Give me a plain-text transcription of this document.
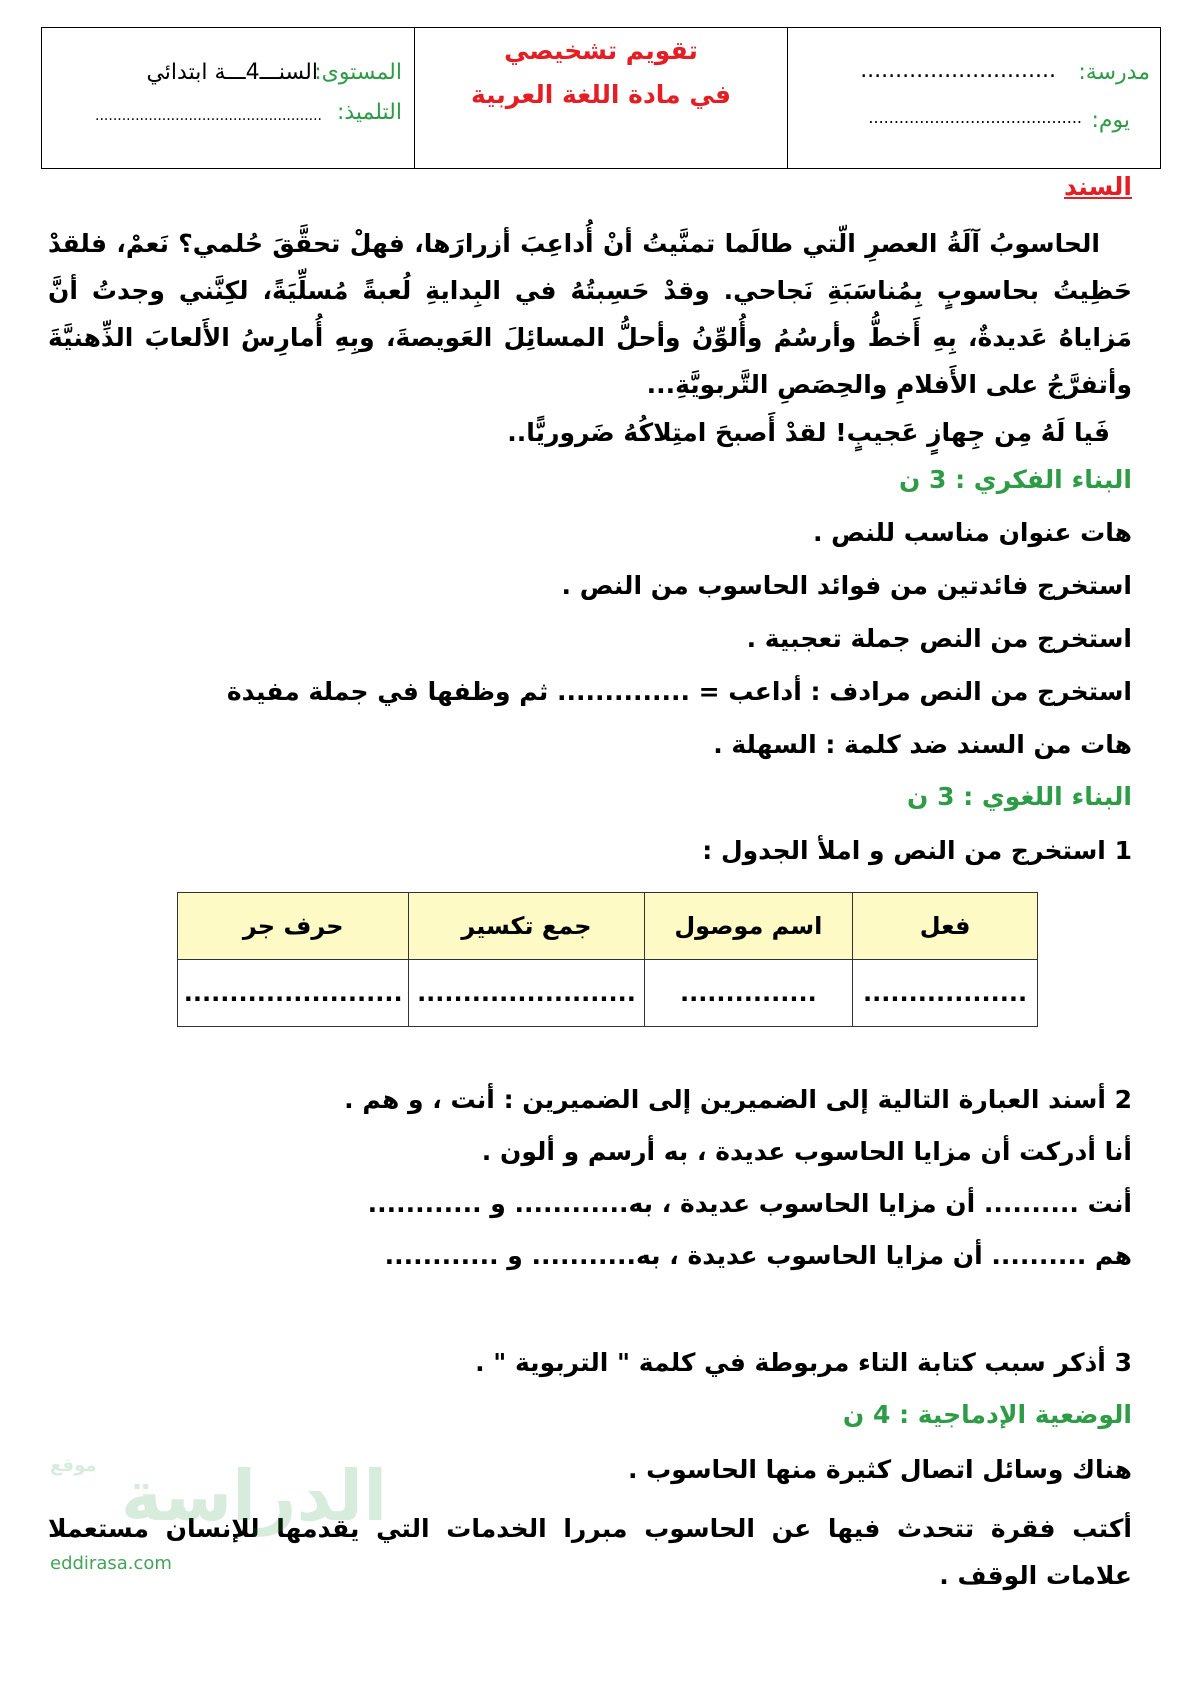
مدرسة:
............................
يوم:
..........................................
تقويم تشخيصي
في مادة اللغة العربية
المستوى:
السنـــ4ـــة ابتدائي
التلميذ:
...................................................
السند
الحاسوبُ آلَةُ العصرِ الّتي طالَما تمنَّيتُ أنْ أُداعِبَ أزرارَها، فهلْ تحقَّقَ حُلمي؟ نَعمْ، فلقدْ حَظِيتُ بحاسوبٍ بِمُناسَبَةِ نَجاحي. وقدْ حَسِبتُهُ في البِدايةِ لُعبةً مُسلِّيَةً، لكِنَّني وجدتُ أنَّ مَزاياهُ عَديدةٌ، بِهِ أَخطُّ وأرسُمُ وأُلوِّنُ وأحلُّ المسائِلَ العَويصةَ، وبِهِ أُمارِسُ الأَلعابَ الذِّهنيَّةَ وأتفرَّجُ على الأَفلامِ والحِصَصِ التَّربويَّةِ...
فَيا لَهُ مِن جِهازٍ عَجيبٍ! لقدْ أَصبحَ امتِلاكُهُ ضَروريًّا..
البناء الفكري : 3 ن
هات عنوان مناسب للنص .
استخرج فائدتين من فوائد الحاسوب من النص .
استخرج من النص جملة تعجبية .
استخرج من النص مرادف : أداعب = .............. ثم وظفها في جملة مفيدة
هات من السند ضد كلمة : السهلة .
البناء اللغوي : 3 ن
1 استخرج من النص و املأ الجدول :
فعل	اسم موصول	جمع تكسير	حرف جر
..................	...............	........................	........................
2 أسند العبارة التالية إلى الضميرين إلى الضميرين : أنت ، و هم .
أنا أدركت أن مزايا الحاسوب عديدة ، به أرسم و ألون .
أنت .......... أن مزايا الحاسوب عديدة ، به............ و ............
هم .......... أن مزايا الحاسوب عديدة ، به........... و ............
3 أذكر سبب كتابة التاء مربوطة في كلمة " التربوية " .
الوضعية الإدماجية : 4 ن
هناك وسائل اتصال كثيرة منها الحاسوب .
أكتب فقرة تتحدث فيها عن الحاسوب مبررا الخدمات التي يقدمها للإنسان مستعملا علامات الوقف .
الدراسة $^{موقع}$
eddirasa.com
